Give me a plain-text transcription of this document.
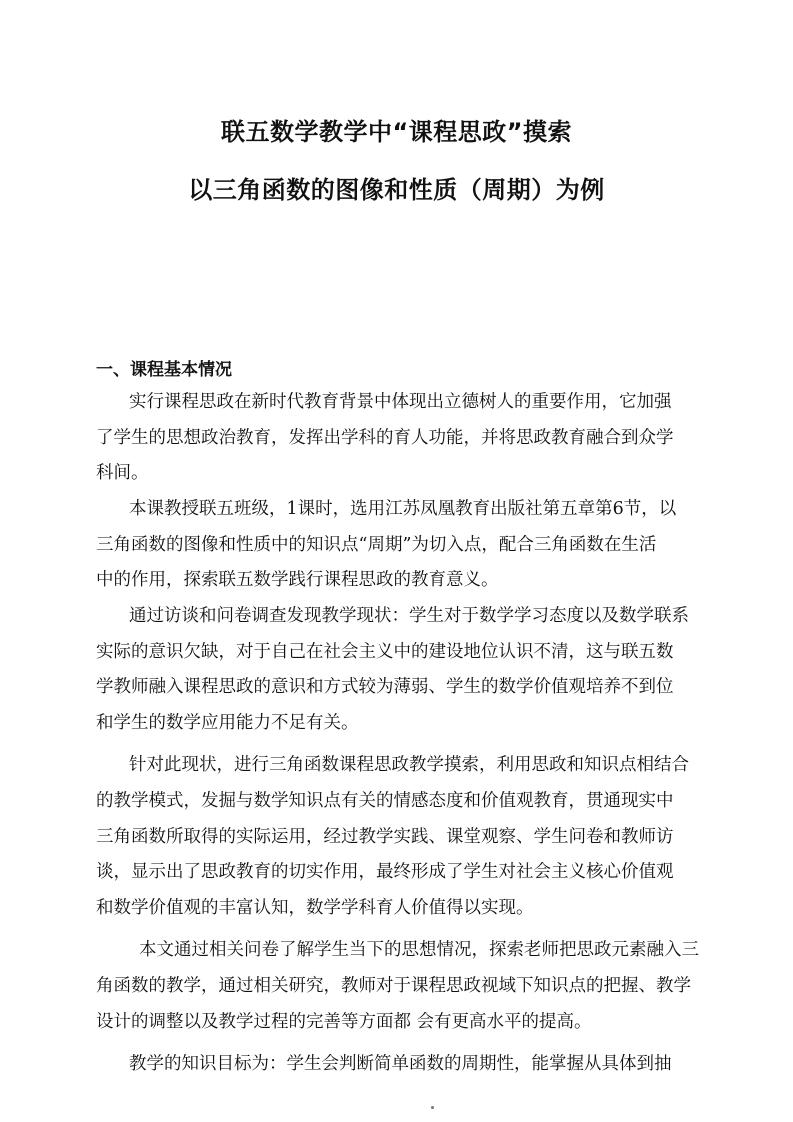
联五数学教学中“课程思政”摸索
以三角函数的图像和性质（周期）为例
一、课程基本情况
实行课程思政在新时代教育背景中体现出立德树人的重要作用，它加强
了学生的思想政治教育，发挥出学科的育人功能，并将思政教育融合到众学
科间。
本课教授联五班级，1课时，选用江苏凤凰教育出版社第五章第6节，以
三角函数的图像和性质中的知识点“周期”为切入点，配合三角函数在生活
中的作用，探索联五数学践行课程思政的教育意义。
通过访谈和问卷调查发现教学现状：学生对于数学学习态度以及数学联系
实际的意识欠缺，对于自己在社会主义中的建设地位认识不清，这与联五数
学教师融入课程思政的意识和方式较为薄弱、学生的数学价值观培养不到位
和学生的数学应用能力不足有关。
针对此现状，进行三角函数课程思政教学摸索，利用思政和知识点相结合
的教学模式，发掘与数学知识点有关的情感态度和价值观教育，贯通现实中
三角函数所取得的实际运用，经过教学实践、课堂观察、学生问卷和教师访
谈，显示出了思政教育的切实作用，最终形成了学生对社会主义核心价值观
和数学价值观的丰富认知，数学学科育人价值得以实现。
本文通过相关问卷了解学生当下的思想情况，探索老师把思政元素融入三
角函数的教学，通过相关研究，教师对于课程思政视域下知识点的把握、教学
设计的调整以及教学过程的完善等方面都 会有更高水平的提高。
教学的知识目标为：学生会判断简单函数的周期性，能掌握从具体到抽
